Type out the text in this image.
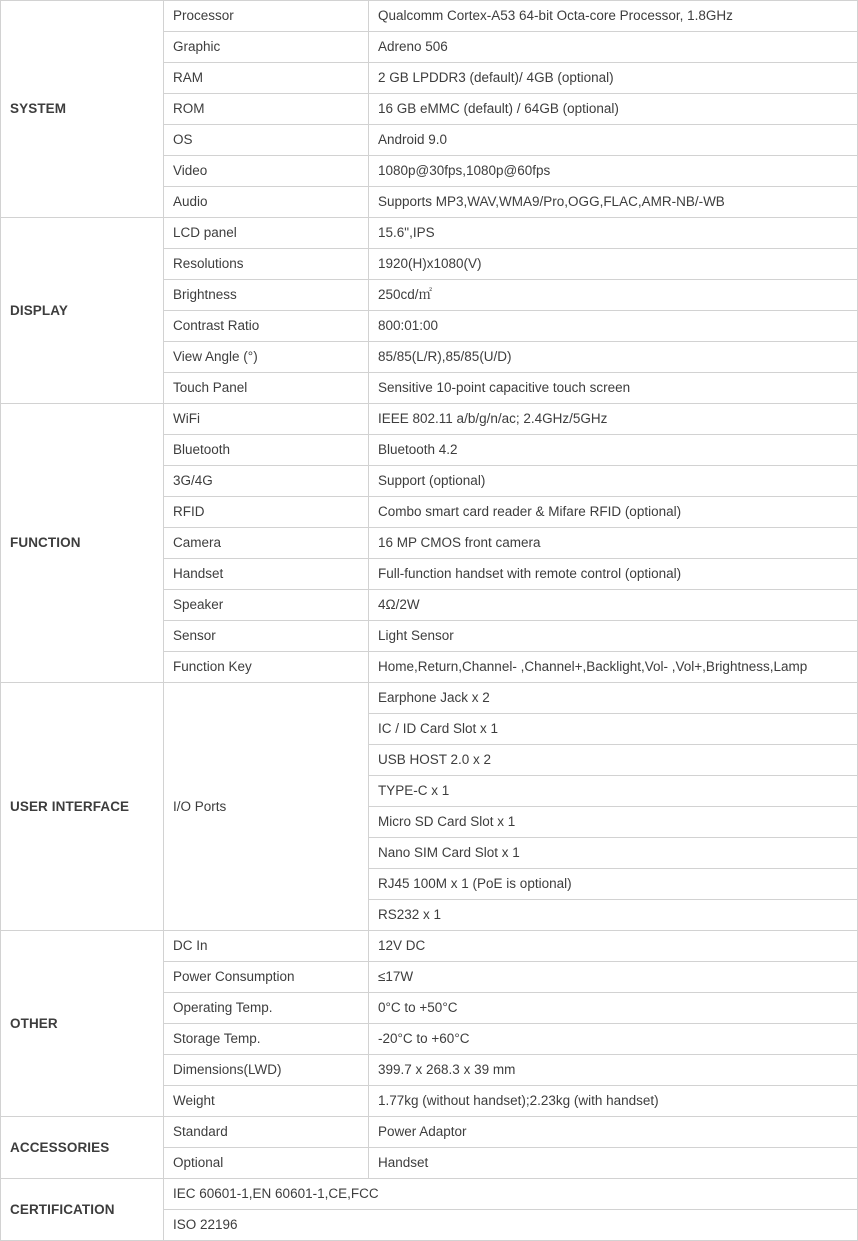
SYSTEM	Processor	Qualcomm Cortex-A53 64-bit Octa-core Processor, 1.8GHz
	Graphic	Adreno 506
	RAM	2 GB LPDDR3 (default)/ 4GB (optional)
	ROM	16 GB eMMC (default) / 64GB (optional)
	OS	Android 9.0
	Video	1080p@30fps,1080p@60fps
	Audio	Supports MP3,WAV,WMA9/Pro,OGG,FLAC,AMR-NB/-WB
DISPLAY	LCD panel	15.6",IPS
	Resolutions	1920(H)x1080(V)
	Brightness	250cd/㎡
	Contrast Ratio	800:01:00
	View Angle (°)	85/85(L/R),85/85(U/D)
	Touch Panel	Sensitive 10-point capacitive touch screen
FUNCTION	WiFi	IEEE 802.11 a/b/g/n/ac; 2.4GHz/5GHz
	Bluetooth	Bluetooth 4.2
	3G/4G	Support (optional)
	RFID	Combo smart card reader & Mifare RFID (optional)
	Camera	16 MP CMOS front camera
	Handset	Full-function handset with remote control (optional)
	Speaker	4Ω/2W
	Sensor	Light Sensor
	Function Key	Home,Return,Channel- ,Channel+,Backlight,Vol- ,Vol+,Brightness,Lamp
USER INTERFACE	I/O Ports	Earphone Jack x 2
		IC / ID Card Slot x 1
		USB HOST 2.0 x 2
		TYPE-C x 1
		Micro SD Card Slot x 1
		Nano SIM Card Slot x 1
		RJ45 100M x 1 (PoE is optional)
		RS232 x 1
OTHER	DC In	12V DC
	Power Consumption	≤17W
	Operating Temp.	0°C to +50°C
	Storage Temp.	-20°C to +60°C
	Dimensions(LWD)	399.7 x 268.3 x 39 mm
	Weight	1.77kg (without handset);2.23kg (with handset)
ACCESSORIES	Standard	Power Adaptor
	Optional	Handset
CERTIFICATION	IEC 60601-1,EN 60601-1,CE,FCC	
	ISO 22196	
